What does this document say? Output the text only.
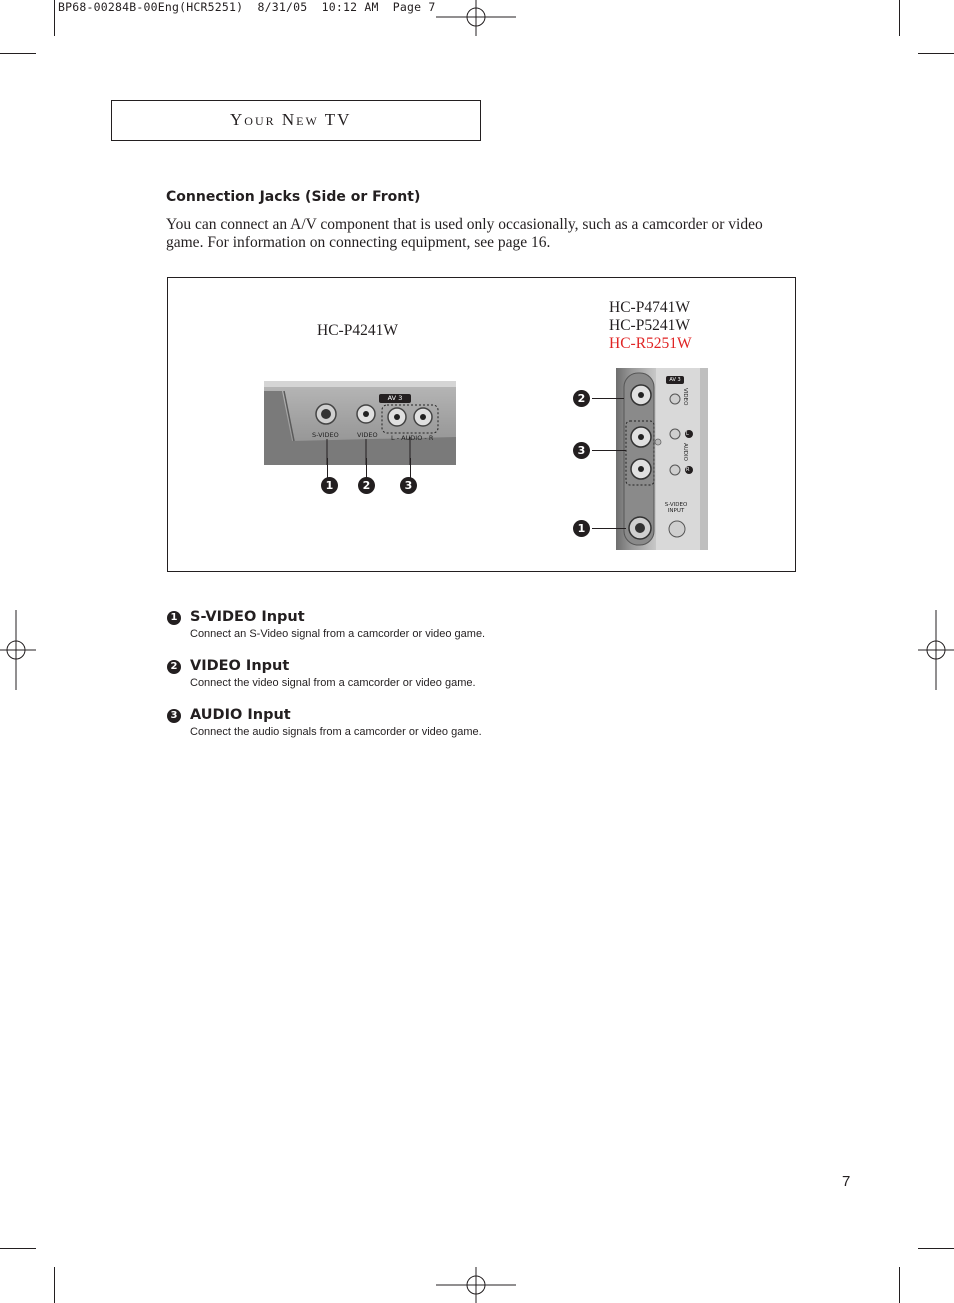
BP68-00284B-00Eng(HCR5251)  8/31/05  10:12 AM  Page 7
Your New TV
Connection Jacks (Side or Front)
You can connect an A/V component that is used only occasionally, such as a camcorder or video game. For information on connecting equipment, see page 16.
HC-P4241W
HC-P4741W
HC-P5241W
HC-R5251W
AV 3
S-VIDEO	VIDEO L - AUDIO - R
1	2	3
AV 3
VIDEO
AUDIO
L
R
S-VIDEO INPUT
2
3
1
1 S-VIDEO Input
Connect an S-Video signal from a camcorder or video game.
2 VIDEO Input
Connect the video signal from a camcorder or video game.
3 AUDIO Input
Connect the audio signals from a camcorder or video game.
7
